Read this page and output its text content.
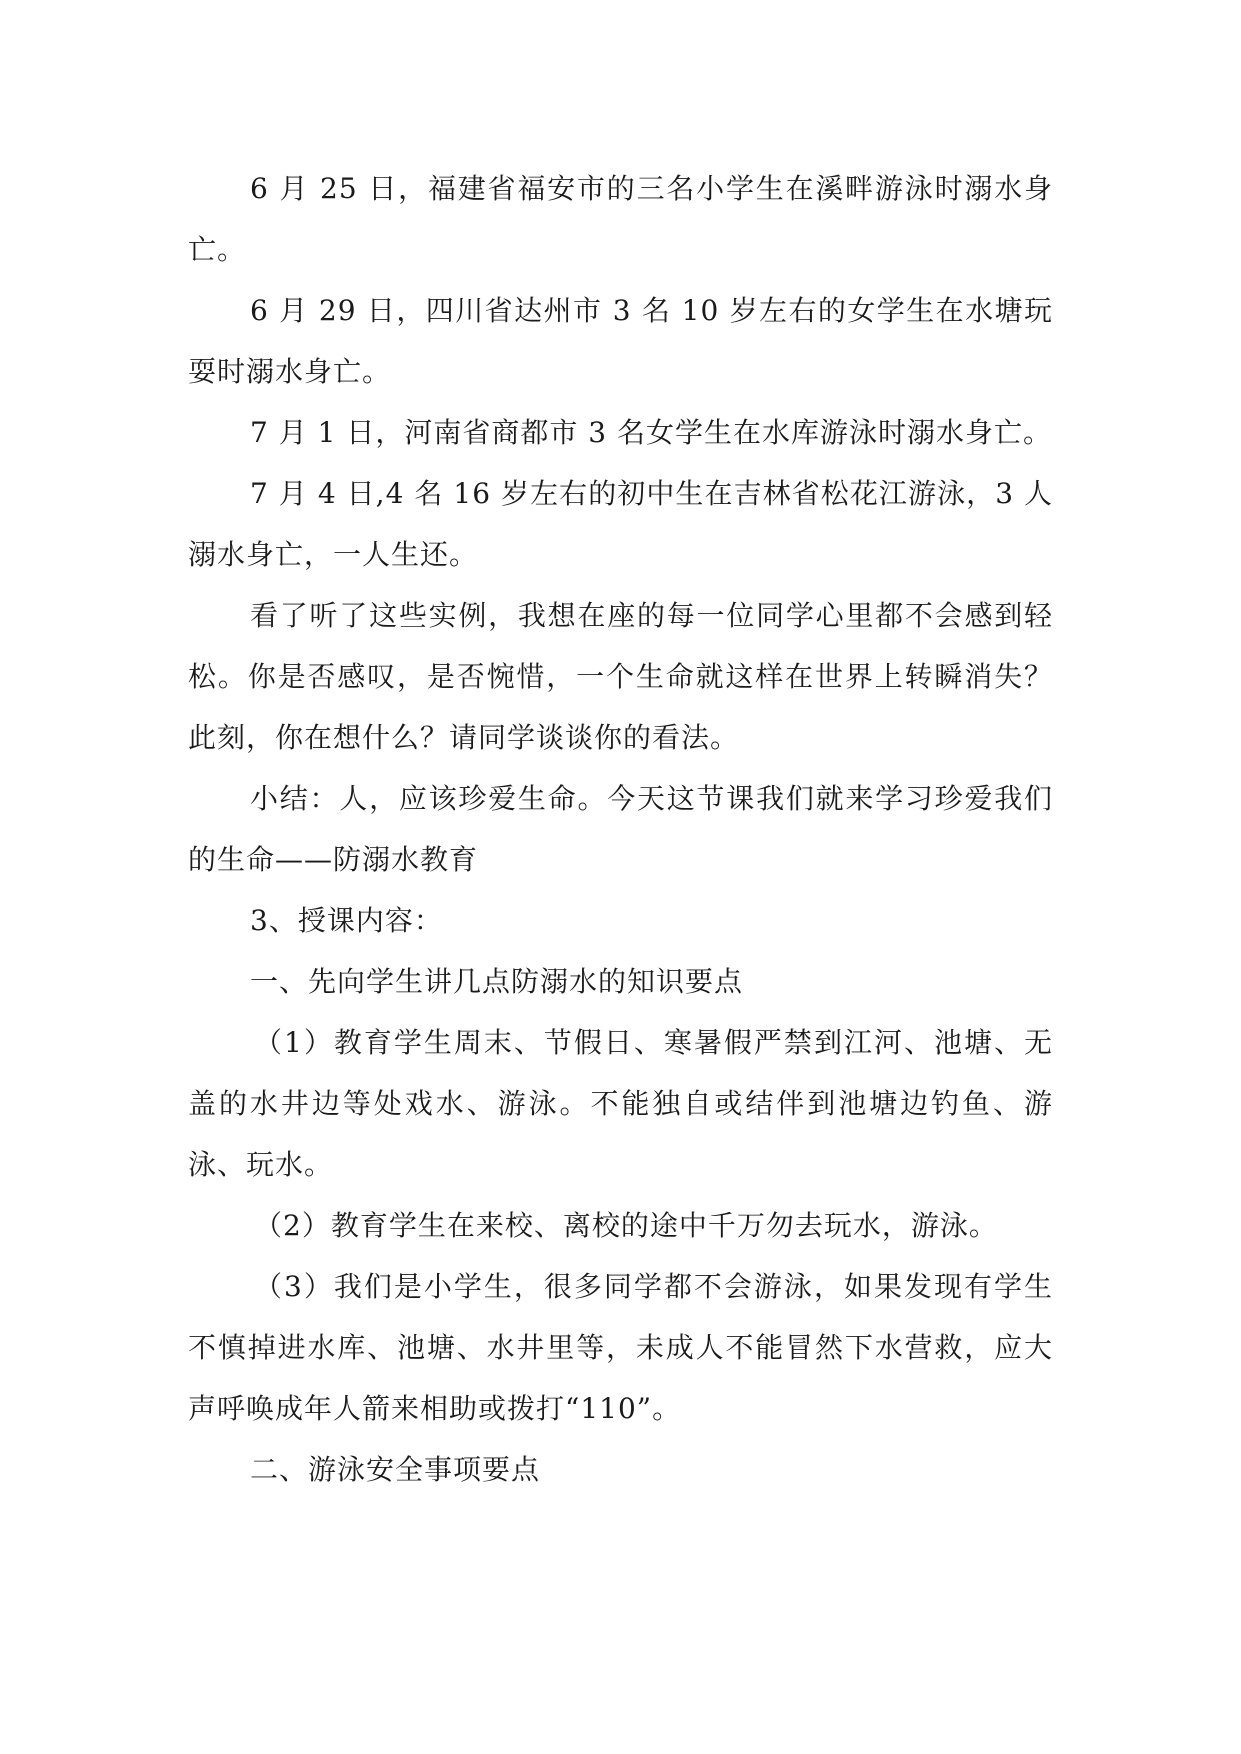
6 月 25 日，福建省福安市的三名小学生在溪畔游泳时溺水身亡。

6 月 29 日，四川省达州市 3 名 10 岁左右的女学生在水塘玩耍时溺水身亡。

7 月 1 日，河南省商都市 3 名女学生在水库游泳时溺水身亡。

7 月 4 日,4 名 16 岁左右的初中生在吉林省松花江游泳，3 人溺水身亡，一人生还。

看了听了这些实例，我想在座的每一位同学心里都不会感到轻松。你是否感叹，是否惋惜，一个生命就这样在世界上转瞬消失？此刻，你在想什么？请同学谈谈你的看法。

小结：人，应该珍爱生命。今天这节课我们就来学习珍爱我们的生命——防溺水教育

3、授课内容：

一、先向学生讲几点防溺水的知识要点

（1）教育学生周末、节假日、寒暑假严禁到江河、池塘、无盖的水井边等处戏水、游泳。不能独自或结伴到池塘边钓鱼、游泳、玩水。

（2）教育学生在来校、离校的途中千万勿去玩水，游泳。

（3）我们是小学生，很多同学都不会游泳，如果发现有学生不慎掉进水库、池塘、水井里等，未成人不能冒然下水营救，应大声呼唤成年人箭来相助或拨打“110”。

二、游泳安全事项要点
